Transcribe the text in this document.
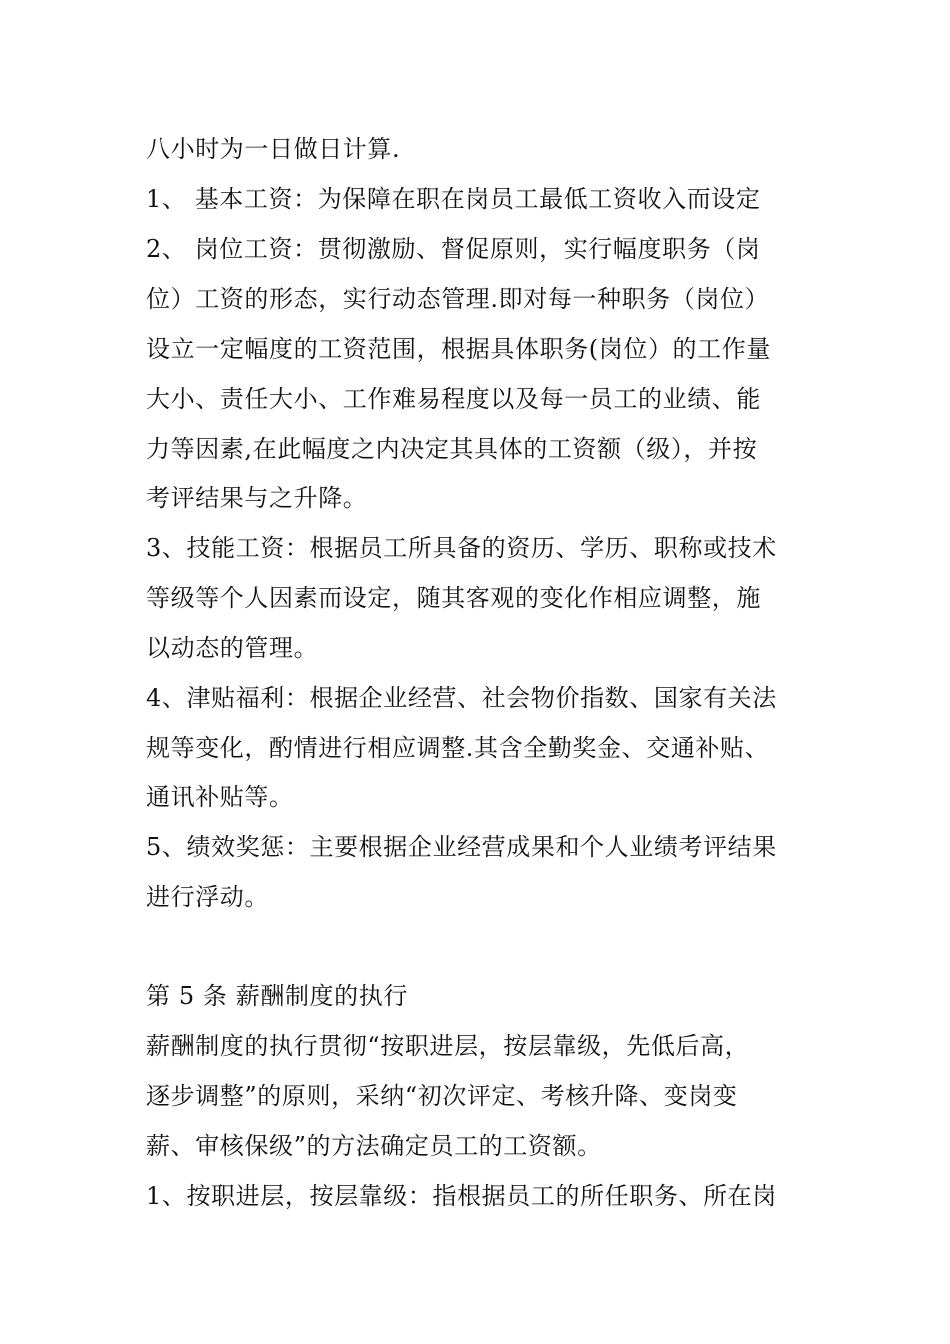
八小时为一日做日计算.
1、 基本工资：为保障在职在岗员工最低工资收入而设定
2、 岗位工资：贯彻激励、督促原则，实行幅度职务（岗
位）工资的形态，实行动态管理.即对每一种职务（岗位）
设立一定幅度的工资范围，根据具体职务(岗位）的工作量
大小、责任大小、工作难易程度以及每一员工的业绩、能
力等因素,在此幅度之内决定其具体的工资额（级），并按
考评结果与之升降。
3、技能工资：根据员工所具备的资历、学历、职称或技术
等级等个人因素而设定，随其客观的变化作相应调整，施
以动态的管理。
4、津贴福利：根据企业经营、社会物价指数、国家有关法
规等变化，酌情进行相应调整.其含全勤奖金、交通补贴、
通讯补贴等。
5、绩效奖惩：主要根据企业经营成果和个人业绩考评结果
进行浮动。
第 5 条 薪酬制度的执行
薪酬制度的执行贯彻“按职进层，按层靠级，先低后高，
逐步调整”的原则，采纳“初次评定、考核升降、变岗变
薪、审核保级”的方法确定员工的工资额。
1、按职进层，按层靠级：指根据员工的所任职务、所在岗
